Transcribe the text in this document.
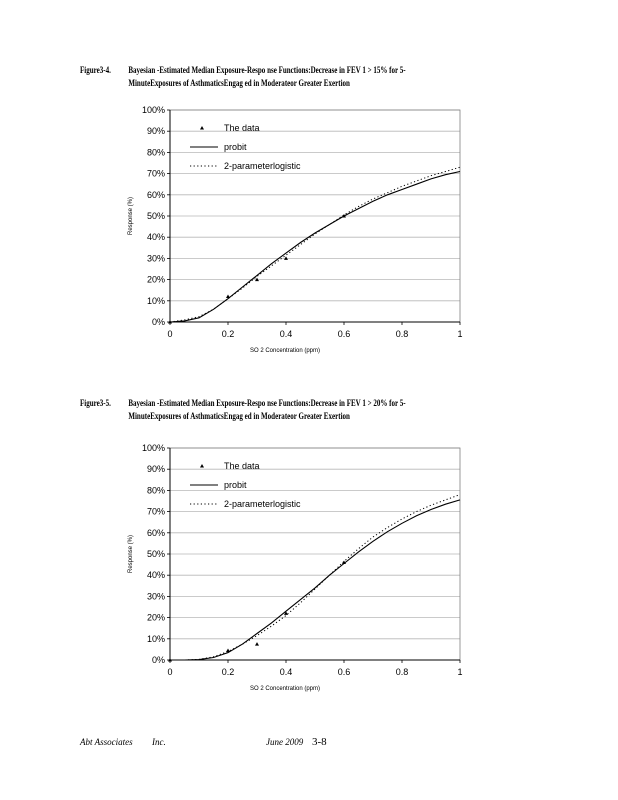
Figure3-4. Bayesian -Estimated Median Exposure-Respo nse Functions:Decrease in FEV 1 > 15% for 5-
MinuteExposures of AsthmaticsEngag ed in Moderateor Greater Exertion
0%
10%
20%
30%
40%
50%
60%
70%
80%
90%
100%
0	0.2	0.4	0.6	0.8	1
SO 2 Concentration (ppm)
Response (%)
The data
probit
2-parameterlogistic
Figure3-5. Bayesian -Estimated Median Exposure-Respo nse Functions:Decrease in FEV 1 > 20% for 5-
MinuteExposures of AsthmaticsEngag ed in Moderateor Greater Exertion
0%
10%
20%
30%
40%
50%
60%
70%
80%
90%
100%
0	0.2	0.4	0.6	0.8	1
SO 2 Concentration (ppm)
Response (%)
The data
probit
2-parameterlogistic
Abt Associates Inc.	June 2009 3-8
